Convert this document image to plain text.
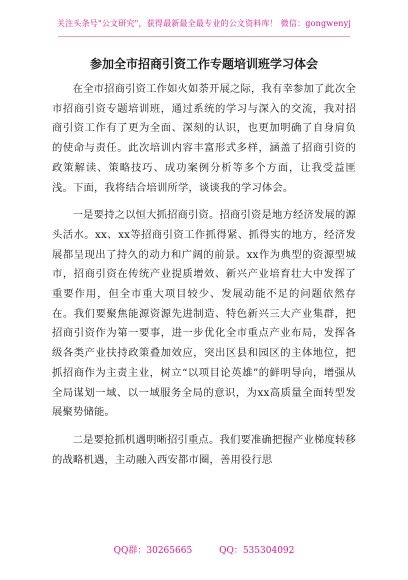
关注头条号"公文研究"，获得最新最全最专业的公文资料库！ 微信：gongwenyj
参加全市招商引资工作专题培训班学习体会

在全市招商引资工作如火如荼开展之际，我有幸参加了此次全市招商引资专题培训班，通过系统的学习与深入的交流，我对招商引资工作有了更为全面、深刻的认识，也更加明确了自身肩负的使命与责任。此次培训内容丰富形式多样，涵盖了招商引资的政策解读、策略技巧、成功案例分析等多个方面，让我受益匪浅。下面，我将结合培训所学，谈谈我的学习体会。

一是要持之以恒大抓招商引资。招商引资是地方经济发展的源头活水。xx、xx等招商引资工作抓得紧、抓得实的地方，经济发展都呈现出了持久的动力和广阔的前景。xx作为典型的资源型城市，招商引资在传统产业提质增效、新兴产业培育壮大中发挥了重要作用，但全市重大项目较少、发展动能不足的问题依然存在。我们要聚焦能源资源先进制造、特色新兴三大产业集群，把招商引资作为第一要事，进一步优化全市重点产业布局，发挥各级各类产业扶持政策叠加效应，突出区县和园区的主体地位，把抓招商作为主责主业，树立“以项目论英雄”的鲜明导向，增强从全局谋划一域、以一域服务全局的意识，为xx高质量全面转型发展聚势储能。

二是要抢抓机遇明晰招引重点。我们要准确把握产业梯度转移的战略机遇，主动融入西安都市圈，善用役行思

QQ群：30265665	QQ：535304092
